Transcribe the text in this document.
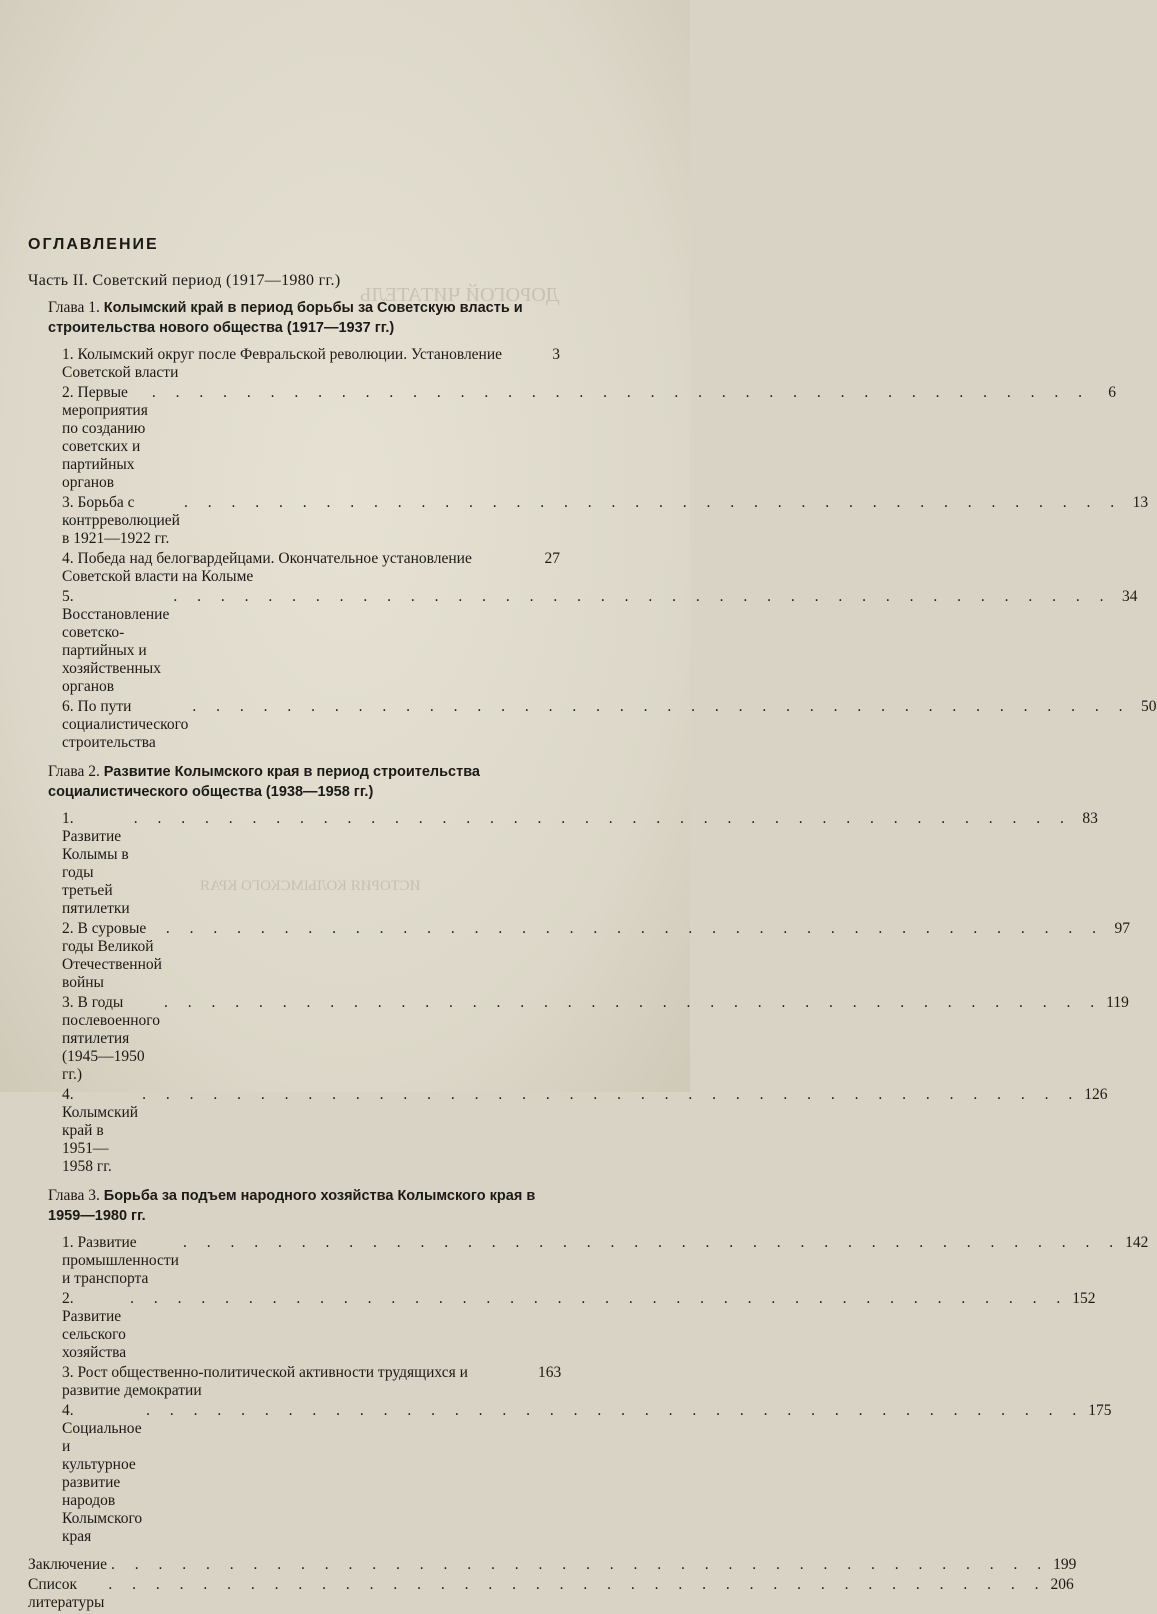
ДОРОГОЙ ЧИТАТЕЛЬ
ИСТОРИЯ КОЛЫМСКОГО КРАЯ
ОГЛАВЛЕНИЕ
Часть II. Советский период (1917—1980 гг.)
Глава 1. Колымский край в период борьбы за Советскую власть и строительства нового общества (1917—1937 гг.)
1. Колымский округ после Февральской революции. Установление Советской власти
3
2. Первые мероприятия по созданию советских и партийных органов
. . . . . . . . . . . . . . . . . . . . . . . . . . . . . . . . . . . . . . . .	6
3. Борьба с контрреволюцией в 1921—1922 гг.
. . . . . . . . . . . . . . . . . . . . . . . . . . . . . . . . . . . . . . . . 13
4. Победа над белогвардейцами. Окончательное установление Советской власти на Колыме
27
5. Восстановление советско-партийных и хозяйственных органов
. . . . . . . . . . . . . . . . . . . . . . . . . . . . . . . . . . . . . . . . 34
6. По пути социалистического строительства
. . . . . . . . . . . . . . . . . . . . . . . . . . . . . . . . . . . . . . . . 50
Глава 2. Развитие Колымского края в период строительства социалистического общества (1938—1958 гг.)
1. Развитие Колымы в годы третьей пятилетки
. . . . . . . . . . . . . . . . . . . . . . . . . . . . . . . . . . . . . . . . 83
2. В суровые годы Великой Отечественной войны
. . . . . . . . . . . . . . . . . . . . . . . . . . . . . . . . . . . . . . . . 97
3. В годы послевоенного пятилетия (1945—1950 гг.)
. . . . . . . . . . . . . . . . . . . . . . . . . . . . . . . . . . . . . . . . 119
4. Колымский край в 1951—1958 гг.
. . . . . . . . . . . . . . . . . . . . . . . . . . . . . . . . . . . . . . . . 126
Глава 3. Борьба за подъем народного хозяйства Колымского края в 1959—1980 гг.
1. Развитие промышленности и транспорта
. . . . . . . . . . . . . . . . . . . . . . . . . . . . . . . . . . . . . . . . 142
2. Развитие сельского хозяйства
. . . . . . . . . . . . . . . . . . . . . . . . . . . . . . . . . . . . . . . . 152
3. Рост общественно-политической активности трудящихся и развитие демократии
163
4. Социальное и культурное развитие народов Колымского края
. . . . . . . . . . . . . . . . . . . . . . . . . . . . . . . . . . . . . . . . 175
Заключение . . . . . . . . . . . . . . . . . . . . . . . . . . . . . . . . . . . . . . . . 199
Список литературы
. . . . . . . . . . . . . . . . . . . . . . . . . . . . . . . . . . . . . . . . 206
